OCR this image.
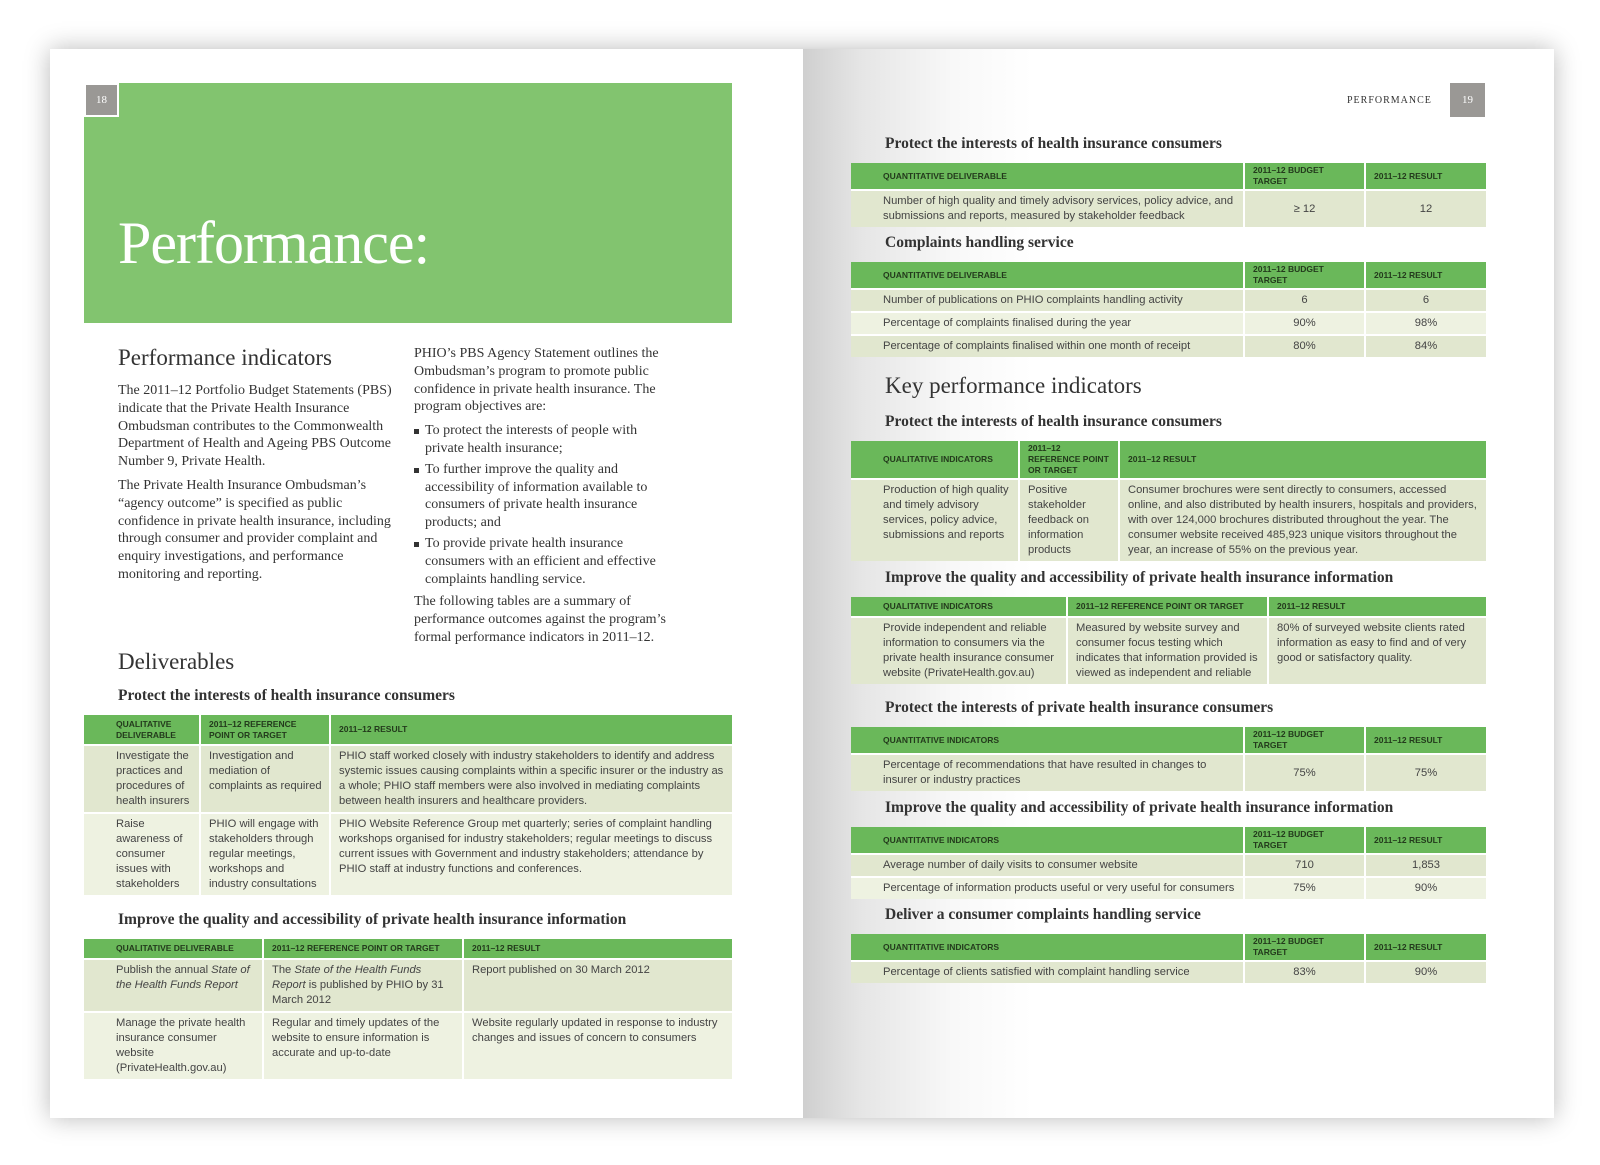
Performance:
18
Performance indicators

The 2011–12 Portfolio Budget Statements (PBS) indicate that the Private Health Insurance Ombudsman contributes to the Commonwealth Department of Health and Ageing PBS Outcome Number 9, Private Health.

The Private Health Insurance Ombudsman’s “agency outcome” is specified as public confidence in private health insurance, including through consumer and provider complaint and enquiry investigations, and performance monitoring and reporting.

PHIO’s PBS Agency Statement outlines the Ombudsman’s program to promote public confidence in private health insurance. The program objectives are:

To protect the interests of people with private health insurance;
To further improve the quality and accessibility of information available to consumers of private health insurance products; and
To provide private health insurance consumers with an efficient and effective complaints handling service.

The following tables are a summary of performance outcomes against the program’s formal performance indicators in 2011–12.

Deliverables
Protect the interests of health insurance consumers
QUALITATIVE DELIVERABLE	2011–12 REFERENCE POINT OR TARGET	2011–12 RESULT
Investigate the practices and procedures of health insurers	Investigation and mediation of complaints as required	PHIO staff worked closely with industry stakeholders to identify and address systemic issues causing complaints within a specific insurer or the industry as a whole; PHIO staff members were also involved in mediating complaints between health insurers and healthcare providers.
Raise awareness of consumer issues with stakeholders	PHIO will engage with stakeholders through regular meetings, workshops and industry consultations	PHIO Website Reference Group met quarterly; series of complaint handling workshops organised for industry stakeholders; regular meetings to discuss current issues with Government and industry stakeholders; attendance by PHIO staff at industry functions and conferences.
Improve the quality and accessibility of private health insurance information
QUALITATIVE DELIVERABLE	2011–12 REFERENCE POINT OR TARGET	2011–12 RESULT
Publish the annual State of the Health Funds Report	The State of the Health Funds Report is published by PHIO by 31 March 2012	Report published on 30 March 2012
Manage the private health insurance consumer website (PrivateHealth.gov.au)	Regular and timely updates of the website to ensure information is accurate and up-to-date	Website regularly updated in response to industry changes and issues of concern to consumers
PERFORMANCE	19
Protect the interests of health insurance consumers
QUANTITATIVE DELIVERABLE	2011–12 BUDGET TARGET	2011–12 RESULT
Number of high quality and timely advisory services, policy advice, and submissions and reports, measured by stakeholder feedback	≥ 12	12
Complaints handling service
QUANTITATIVE DELIVERABLE	2011–12 BUDGET TARGET	2011–12 RESULT
Number of publications on PHIO complaints handling activity	6	6
Percentage of complaints finalised during the year	90%	98%
Percentage of complaints finalised within one month of receipt	80%	84%
Key performance indicators
Protect the interests of health insurance consumers
QUALITATIVE INDICATORS	2011–12 REFERENCE POINT OR TARGET	2011–12 RESULT
Production of high quality and timely advisory services, policy advice, submissions and reports	Positive stakeholder feedback on information products	Consumer brochures were sent directly to consumers, accessed online, and also distributed by health insurers, hospitals and providers, with over 124,000 brochures distributed throughout the year. The consumer website received 485,923 unique visitors throughout the year, an increase of 55% on the previous year.
Improve the quality and accessibility of private health insurance information
QUALITATIVE INDICATORS	2011–12 REFERENCE POINT OR TARGET	2011–12 RESULT
Provide independent and reliable information to consumers via the private health insurance consumer website (PrivateHealth.gov.au)	Measured by website survey and consumer focus testing which indicates that information provided is viewed as independent and reliable	80% of surveyed website clients rated information as easy to find and of very good or satisfactory quality.
Protect the interests of private health insurance consumers
QUANTITATIVE INDICATORS	2011–12 BUDGET TARGET	2011–12 RESULT
Percentage of recommendations that have resulted in changes to insurer or industry practices	75%	75%
Improve the quality and accessibility of private health insurance information
QUANTITATIVE INDICATORS	2011–12 BUDGET TARGET	2011–12 RESULT
Average number of daily visits to consumer website	710	1,853
Percentage of information products useful or very useful for consumers	75%	90%
Deliver a consumer complaints handling service
QUANTITATIVE INDICATORS	2011–12 BUDGET TARGET	2011–12 RESULT
Percentage of clients satisfied with complaint handling service	83%	90%
